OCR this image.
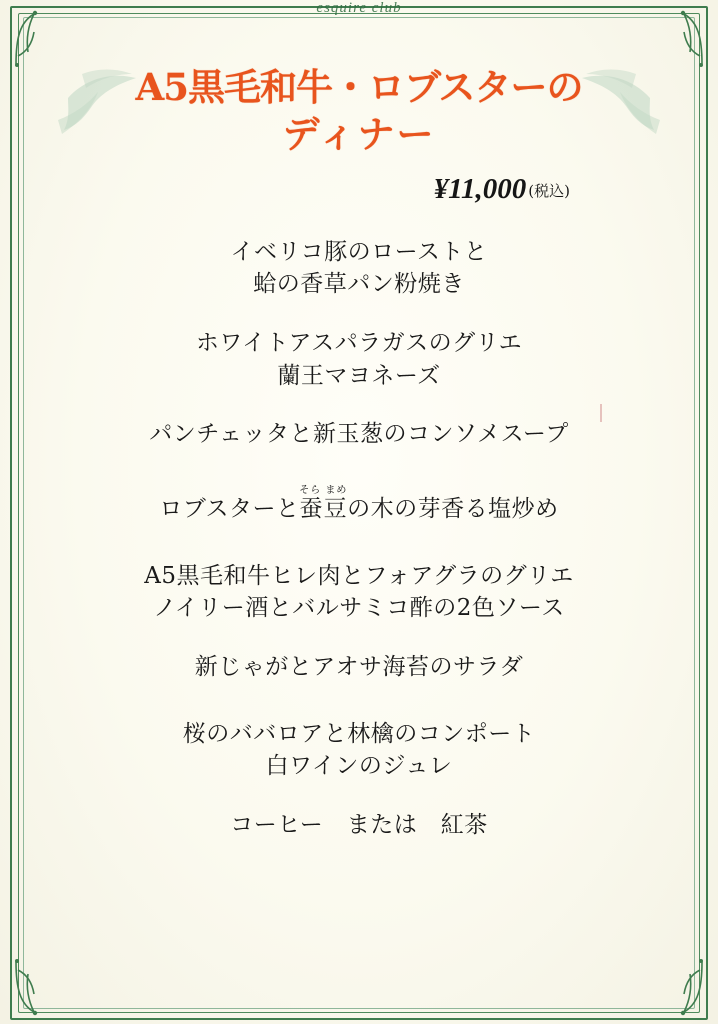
esquire club
A5黒毛和牛・ロブスターの
ディナー
¥11,000 (税込)
イベリコ豚のローストと
蛤の香草パン粉焼き
ホワイトアスパラガスのグリエ
蘭王マヨネーズ
パンチェッタと新玉葱のコンソメスープ
ロブスターと蚕豆そら まめの木の芽香る塩炒め
A5黒毛和牛ヒレ肉とフォアグラのグリエ
ノイリー酒とバルサミコ酢の2色ソース
新じゃがとアオサ海苔のサラダ
桜のババロアと林檎のコンポート
白ワインのジュレ
コーヒー　または　紅茶
